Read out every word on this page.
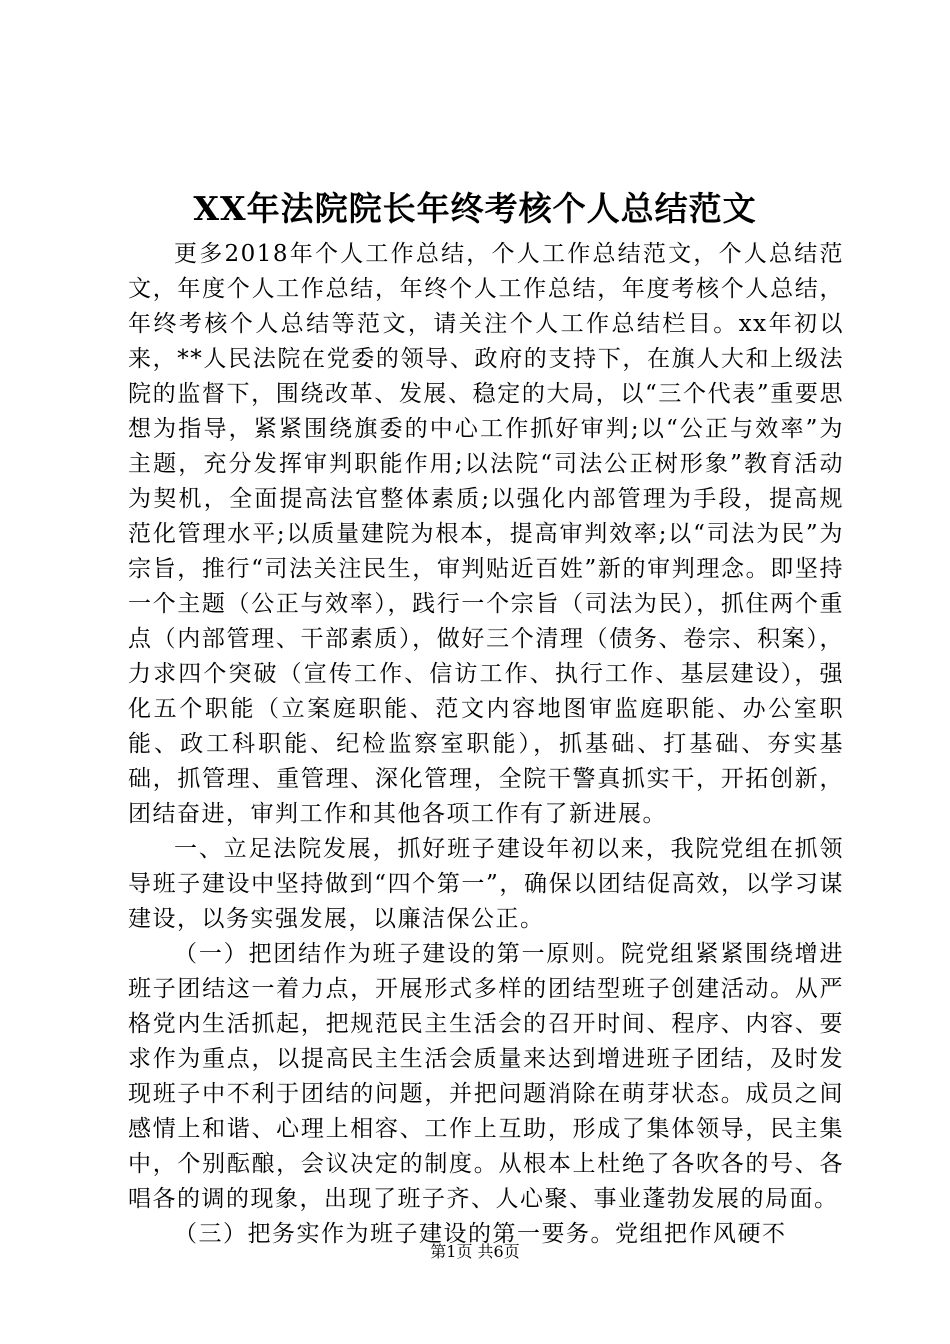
XX年法院院长年终考核个人总结范文

更多2018年个人工作总结，个人工作总结范文，个人总结范文，年度个人工作总结，年终个人工作总结，年度考核个人总结，年终考核个人总结等范文，请关注个人工作总结栏目。xx年初以来，**人民法院在党委的领导、政府的支持下，在旗人大和上级法院的监督下，围绕改革、发展、稳定的大局，以“三个代表”重要思想为指导，紧紧围绕旗委的中心工作抓好审判;以“公正与效率”为主题，充分发挥审判职能作用;以法院“司法公正树形象”教育活动为契机，全面提高法官整体素质;以强化内部管理为手段，提高规范化管理水平;以质量建院为根本，提高审判效率;以“司法为民”为宗旨，推行“司法关注民生，审判贴近百姓”新的审判理念。即坚持一个主题（公正与效率），践行一个宗旨（司法为民），抓住两个重点（内部管理、干部素质），做好三个清理（债务、卷宗、积案），力求四个突破（宣传工作、信访工作、执行工作、基层建设），强化五个职能（立案庭职能、范文内容地图审监庭职能、办公室职能、政工科职能、纪检监察室职能），抓基础、打基础、夯实基础，抓管理、重管理、深化管理，全院干警真抓实干，开拓创新，团结奋进，审判工作和其他各项工作有了新进展。

一、立足法院发展，抓好班子建设年初以来，我院党组在抓领导班子建设中坚持做到“四个第一”，确保以团结促高效，以学习谋建设，以务实强发展，以廉洁保公正。

（一）把团结作为班子建设的第一原则。院党组紧紧围绕增进班子团结这一着力点，开展形式多样的团结型班子创建活动。从严格党内生活抓起，把规范民主生活会的召开时间、程序、内容、要求作为重点，以提高民主生活会质量来达到增进班子团结，及时发现班子中不利于团结的问题，并把问题消除在萌芽状态。成员之间感情上和谐、心理上相容、工作上互助，形成了集体领导，民主集中，个别酝酿，会议决定的制度。从根本上杜绝了各吹各的号、各唱各的调的现象，出现了班子齐、人心聚、事业蓬勃发展的局面。

（三）把务实作为班子建设的第一要务。党组把作风硬不

第1页 共6页
